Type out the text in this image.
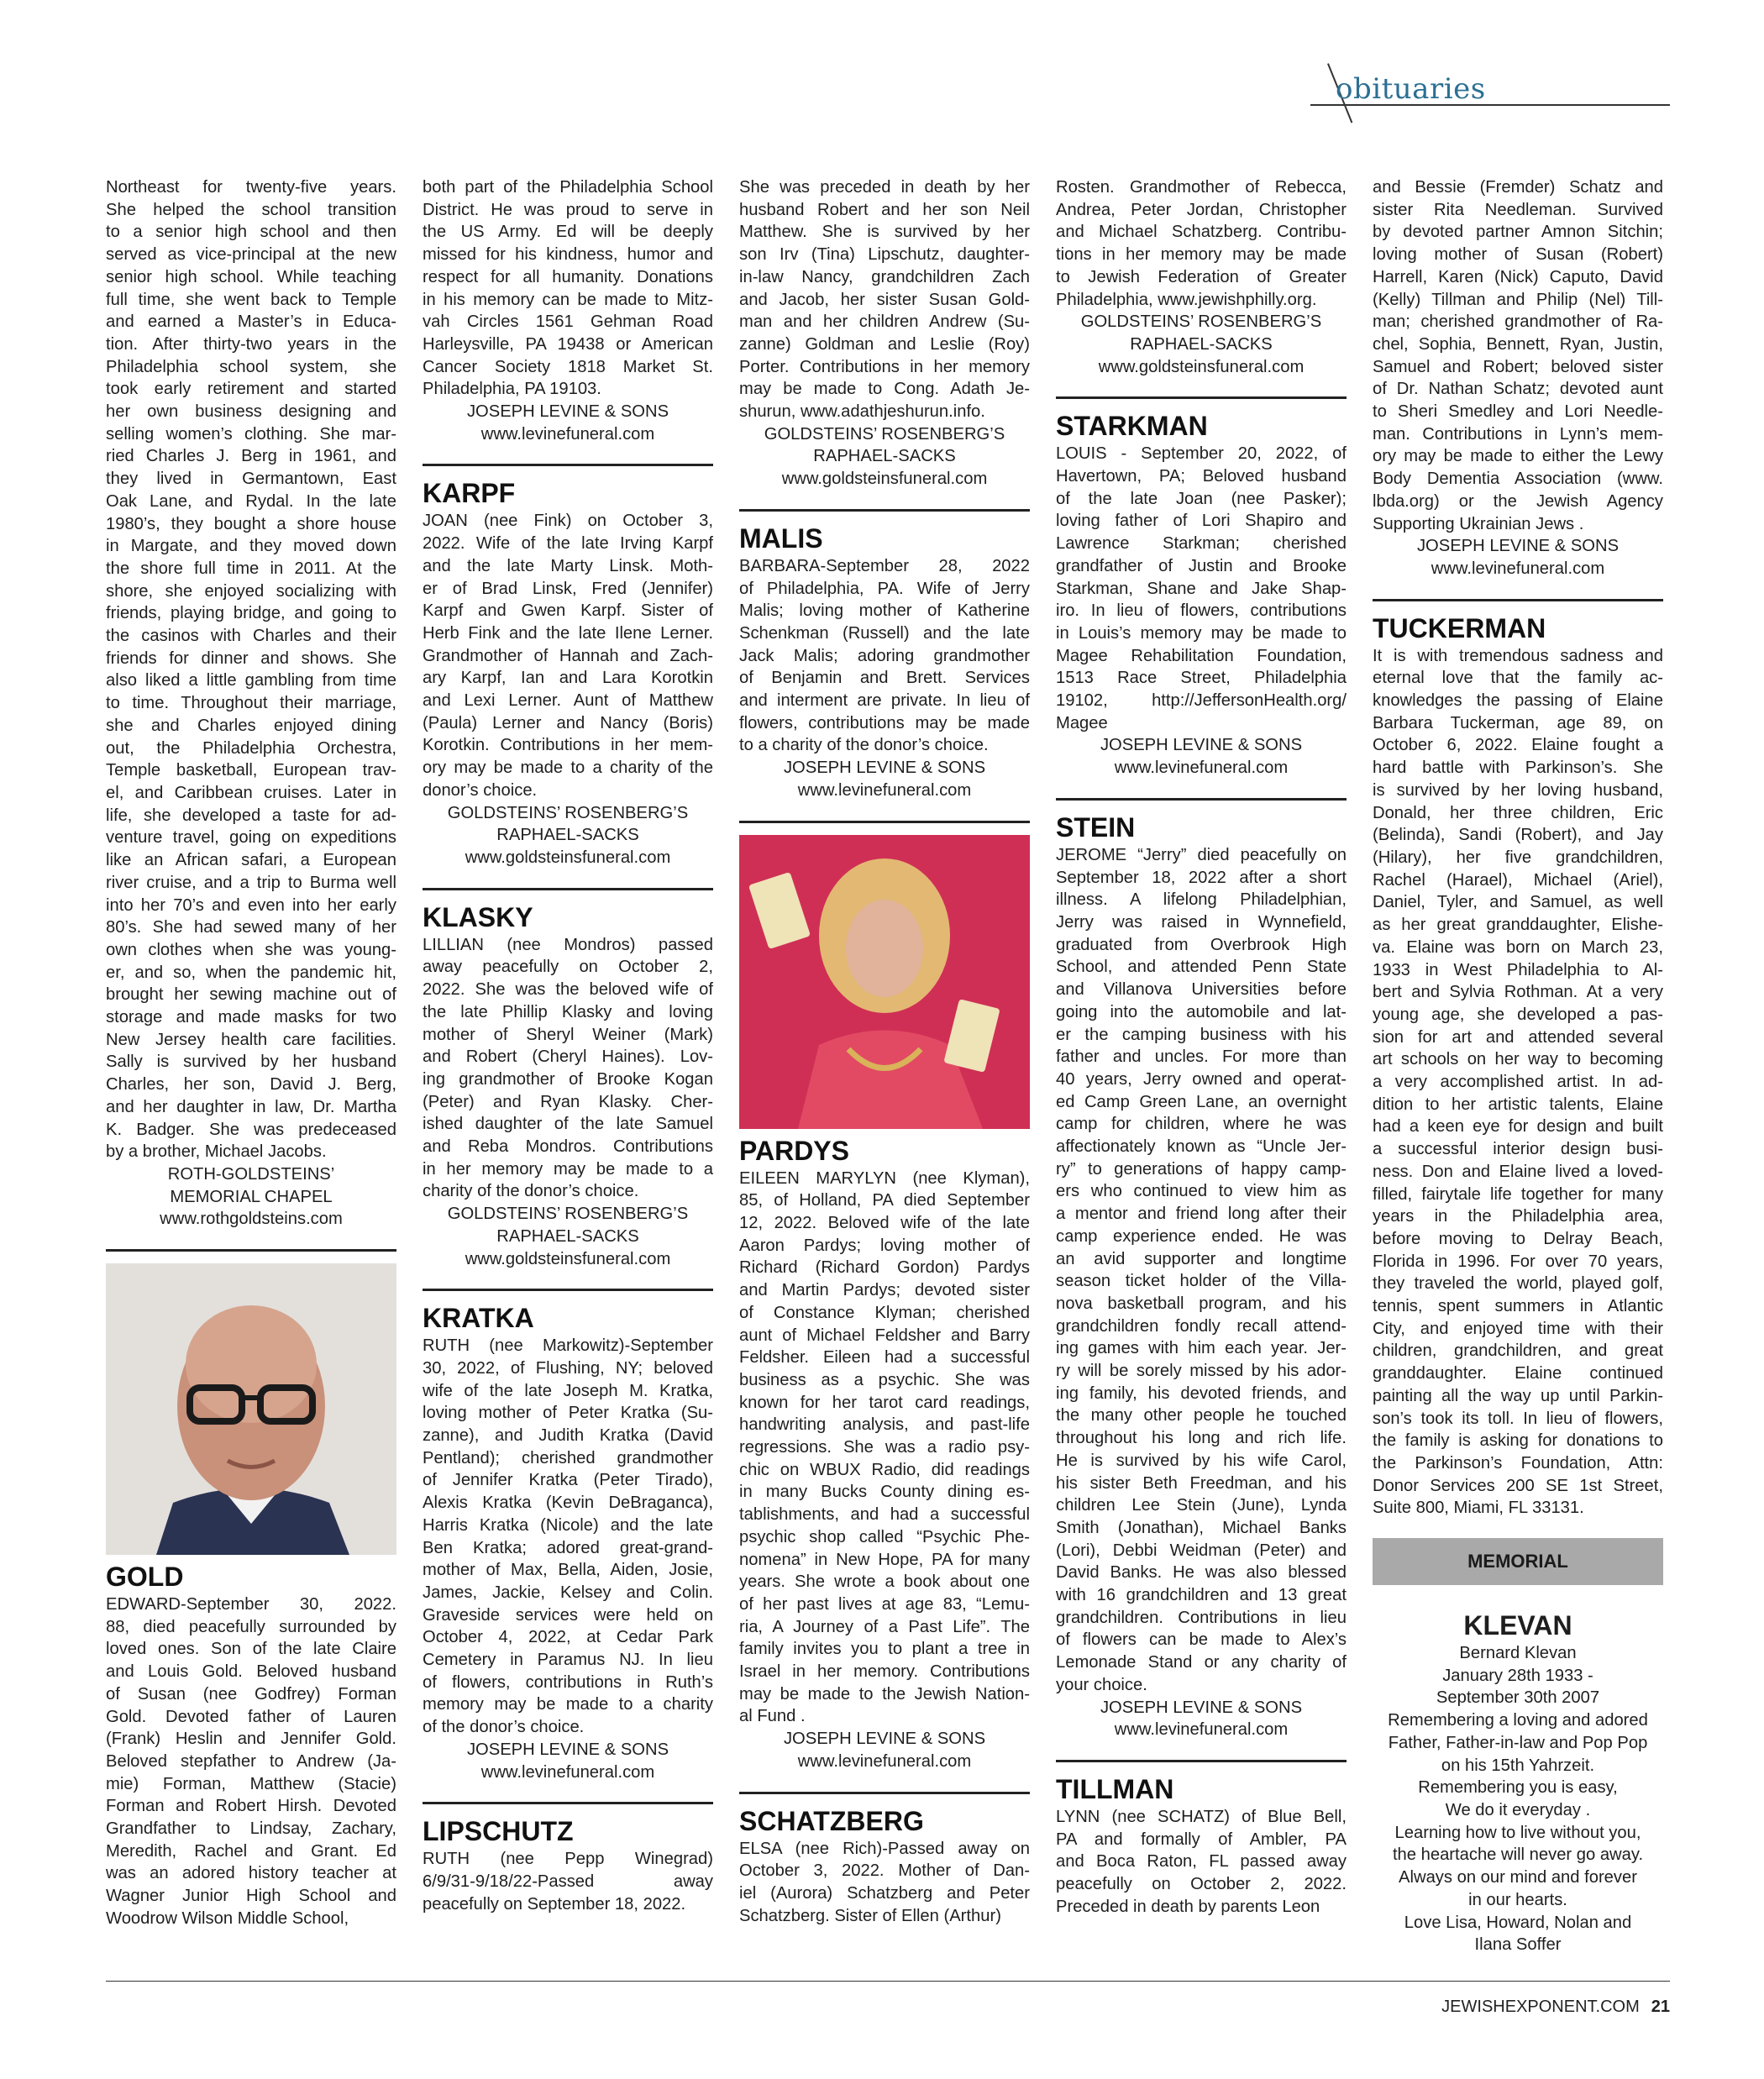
obituaries
Northeast for twenty-five years.
She helped the school transition
to a senior high school and then
served as vice-principal at the new
senior high school. While teaching
full time, she went back to Temple
and earned a Master’s in Educa-
tion. After thirty-two years in the
Philadelphia school system, she
took early retirement and started
her own business designing and
selling women’s clothing. She mar-
ried Charles J. Berg in 1961, and
they lived in Germantown, East
Oak Lane, and Rydal. In the late
1980’s, they bought a shore house
in Margate, and they moved down
the shore full time in 2011. At the
shore, she enjoyed socializing with
friends, playing bridge, and going to
the casinos with Charles and their
friends for dinner and shows. She
also liked a little gambling from time
to time. Throughout their marriage,
she and Charles enjoyed dining
out, the Philadelphia Orchestra,
Temple basketball, European trav-
el, and Caribbean cruises. Later in
life, she developed a taste for ad-
venture travel, going on expeditions
like an African safari, a European
river cruise, and a trip to Burma well
into her 70’s and even into her early
80’s. She had sewed many of her
own clothes when she was young-
er, and so, when the pandemic hit,
brought her sewing machine out of
storage and made masks for two
New Jersey health care facilities.
Sally is survived by her husband
Charles, her son, David J. Berg,
and her daughter in law, Dr. Martha
K. Badger. She was predeceased
by a brother, Michael Jacobs.
ROTH-GOLDSTEINS’
MEMORIAL CHAPEL
www.rothgoldsteins.com
GOLD
EDWARD-September 30, 2022.
88, died peacefully surrounded by
loved ones. Son of the late Claire
and Louis Gold. Beloved husband
of Susan (nee Godfrey) Forman
Gold. Devoted father of Lauren
(Frank) Heslin and Jennifer Gold.
Beloved stepfather to Andrew (Ja-
mie) Forman, Matthew (Stacie)
Forman and Robert Hirsh. Devoted
Grandfather to Lindsay, Zachary,
Meredith, Rachel and Grant. Ed
was an adored history teacher at
Wagner Junior High School and
Woodrow Wilson Middle School,
both part of the Philadelphia School
District. He was proud to serve in
the US Army. Ed will be deeply
missed for his kindness, humor and
respect for all humanity. Donations
in his memory can be made to Mitz-
vah Circles 1561 Gehman Road
Harleysville, PA 19438 or American
Cancer Society 1818 Market St.
Philadelphia, PA 19103.
JOSEPH LEVINE & SONS
www.levinefuneral.com
KARPF
JOAN (nee Fink) on October 3,
2022. Wife of the late Irving Karpf
and the late Marty Linsk. Moth-
er of Brad Linsk, Fred (Jennifer)
Karpf and Gwen Karpf. Sister of
Herb Fink and the late Ilene Lerner.
Grandmother of Hannah and Zach-
ary Karpf, Ian and Lara Korotkin
and Lexi Lerner. Aunt of Matthew
(Paula) Lerner and Nancy (Boris)
Korotkin. Contributions in her mem-
ory may be made to a charity of the
donor’s choice.
GOLDSTEINS’ ROSENBERG’S
RAPHAEL-SACKS
www.goldsteinsfuneral.com
KLASKY
LILLIAN (nee Mondros) passed
away peacefully on October 2,
2022. She was the beloved wife of
the late Phillip Klasky and loving
mother of Sheryl Weiner (Mark)
and Robert (Cheryl Haines). Lov-
ing grandmother of Brooke Kogan
(Peter) and Ryan Klasky. Cher-
ished daughter of the late Samuel
and Reba Mondros. Contributions
in her memory may be made to a
charity of the donor’s choice.
GOLDSTEINS’ ROSENBERG’S
RAPHAEL-SACKS
www.goldsteinsfuneral.com
KRATKA
RUTH (nee Markowitz)-September
30, 2022, of Flushing, NY; beloved
wife of the late Joseph M. Kratka,
loving mother of Peter Kratka (Su-
zanne), and Judith Kratka (David
Pentland); cherished grandmother
of Jennifer Kratka (Peter Tirado),
Alexis Kratka (Kevin DeBraganca),
Harris Kratka (Nicole) and the late
Ben Kratka; adored great-grand-
mother of Max, Bella, Aiden, Josie,
James, Jackie, Kelsey and Colin.
Graveside services were held on
October 4, 2022, at Cedar Park
Cemetery in Paramus NJ. In lieu
of flowers, contributions in Ruth’s
memory may be made to a charity
of the donor’s choice.
JOSEPH LEVINE & SONS
www.levinefuneral.com
LIPSCHUTZ
RUTH (nee Pepp Winegrad)
6/9/31-9/18/22-Passed away
peacefully on September 18, 2022.
She was preceded in death by her
husband Robert and her son Neil
Matthew. She is survived by her
son Irv (Tina) Lipschutz, daughter-
in-law Nancy, grandchildren Zach
and Jacob, her sister Susan Gold-
man and her children Andrew (Su-
zanne) Goldman and Leslie (Roy)
Porter. Contributions in her memory
may be made to Cong. Adath Je-
shurun, www.adathjeshurun.info.
GOLDSTEINS’ ROSENBERG’S
RAPHAEL-SACKS
www.goldsteinsfuneral.com
MALIS
BARBARA-September 28, 2022
of Philadelphia, PA. Wife of Jerry
Malis; loving mother of Katherine
Schenkman (Russell) and the late
Jack Malis; adoring grandmother
of Benjamin and Brett. Services
and interment are private. In lieu of
flowers, contributions may be made
to a charity of the donor’s choice.
JOSEPH LEVINE & SONS
www.levinefuneral.com
PARDYS
EILEEN MARYLYN (nee Klyman),
85, of Holland, PA died September
12, 2022. Beloved wife of the late
Aaron Pardys; loving mother of
Richard (Richard Gordon) Pardys
and Martin Pardys; devoted sister
of Constance Klyman; cherished
aunt of Michael Feldsher and Barry
Feldsher. Eileen had a successful
business as a psychic. She was
known for her tarot card readings,
handwriting analysis, and past-life
regressions. She was a radio psy-
chic on WBUX Radio, did readings
in many Bucks County dining es-
tablishments, and had a successful
psychic shop called “Psychic Phe-
nomena” in New Hope, PA for many
years. She wrote a book about one
of her past lives at age 83, “Lemu-
ria, A Journey of a Past Life”. The
family invites you to plant a tree in
Israel in her memory. Contributions
may be made to the Jewish Nation-
al Fund .
JOSEPH LEVINE & SONS
www.levinefuneral.com
SCHATZBERG
ELSA (nee Rich)-Passed away on
October 3, 2022. Mother of Dan-
iel (Aurora) Schatzberg and Peter
Schatzberg. Sister of Ellen (Arthur)
Rosten. Grandmother of Rebecca,
Andrea, Peter Jordan, Christopher
and Michael Schatzberg. Contribu-
tions in her memory may be made
to Jewish Federation of Greater
Philadelphia, www.jewishphilly.org.
GOLDSTEINS’ ROSENBERG’S
RAPHAEL-SACKS
www.goldsteinsfuneral.com
STARKMAN
LOUIS - September 20, 2022, of
Havertown, PA; Beloved husband
of the late Joan (nee Pasker);
loving father of Lori Shapiro and
Lawrence Starkman; cherished
grandfather of Justin and Brooke
Starkman, Shane and Jake Shap-
iro. In lieu of flowers, contributions
in Louis’s memory may be made to
Magee Rehabilitation Foundation,
1513 Race Street, Philadelphia
19102, http://JeffersonHealth.org/
Magee
JOSEPH LEVINE & SONS
www.levinefuneral.com
STEIN
JEROME “Jerry” died peacefully on
September 18, 2022 after a short
illness. A lifelong Philadelphian,
Jerry was raised in Wynnefield,
graduated from Overbrook High
School, and attended Penn State
and Villanova Universities before
going into the automobile and lat-
er the camping business with his
father and uncles. For more than
40 years, Jerry owned and operat-
ed Camp Green Lane, an overnight
camp for children, where he was
affectionately known as “Uncle Jer-
ry” to generations of happy camp-
ers who continued to view him as
a mentor and friend long after their
camp experience ended. He was
an avid supporter and longtime
season ticket holder of the Villa-
nova basketball program, and his
grandchildren fondly recall attend-
ing games with him each year. Jer-
ry will be sorely missed by his ador-
ing family, his devoted friends, and
the many other people he touched
throughout his long and rich life.
He is survived by his wife Carol,
his sister Beth Freedman, and his
children Lee Stein (June), Lynda
Smith (Jonathan), Michael Banks
(Lori), Debbi Weidman (Peter) and
David Banks. He was also blessed
with 16 grandchildren and 13 great
grandchildren. Contributions in lieu
of flowers can be made to Alex’s
Lemonade Stand or any charity of
your choice.
JOSEPH LEVINE & SONS
www.levinefuneral.com
TILLMAN
LYNN (nee SCHATZ) of Blue Bell,
PA and formally of Ambler, PA
and Boca Raton, FL passed away
peacefully on October 2, 2022.
Preceded in death by parents Leon
and Bessie (Fremder) Schatz and
sister Rita Needleman. Survived
by devoted partner Amnon Sitchin;
loving mother of Susan (Robert)
Harrell, Karen (Nick) Caputo, David
(Kelly) Tillman and Philip (Nel) Till-
man; cherished grandmother of Ra-
chel, Sophia, Bennett, Ryan, Justin,
Samuel and Robert; beloved sister
of Dr. Nathan Schatz; devoted aunt
to Sheri Smedley and Lori Needle-
man. Contributions in Lynn’s mem-
ory may be made to either the Lewy
Body Dementia Association (www.
lbda.org) or the Jewish Agency
Supporting Ukrainian Jews .
JOSEPH LEVINE & SONS
www.levinefuneral.com
TUCKERMAN
It is with tremendous sadness and
eternal love that the family ac-
knowledges the passing of Elaine
Barbara Tuckerman, age 89, on
October 6, 2022. Elaine fought a
hard battle with Parkinson’s. She
is survived by her loving husband,
Donald, her three children, Eric
(Belinda), Sandi (Robert), and Jay
(Hilary), her five grandchildren,
Rachel (Harael), Michael (Ariel),
Daniel, Tyler, and Samuel, as well
as her great granddaughter, Elishe-
va. Elaine was born on March 23,
1933 in West Philadelphia to Al-
bert and Sylvia Rothman. At a very
young age, she developed a pas-
sion for art and attended several
art schools on her way to becoming
a very accomplished artist. In ad-
dition to her artistic talents, Elaine
had a keen eye for design and built
a successful interior design busi-
ness. Don and Elaine lived a loved-
filled, fairytale life together for many
years in the Philadelphia area,
before moving to Delray Beach,
Florida in 1996. For over 70 years,
they traveled the world, played golf,
tennis, spent summers in Atlantic
City, and enjoyed time with their
children, grandchildren, and great
granddaughter. Elaine continued
painting all the way up until Parkin-
son’s took its toll. In lieu of flowers,
the family is asking for donations to
the Parkinson’s Foundation, Attn:
Donor Services 200 SE 1st Street,
Suite 800, Miami, FL 33131.
MEMORIAL
KLEVAN
Bernard Klevan
January 28th 1933 -
September 30th 2007
Remembering a loving and adored
Father, Father-in-law and Pop Pop
on his 15th Yahrzeit.
Remembering you is easy,
We do it everyday .
Learning how to live without you,
the heartache will never go away.
Always on our mind and forever
in our hearts.
Love Lisa, Howard, Nolan and
Ilana Soffer
JEWISHEXPONENT.COM 21
